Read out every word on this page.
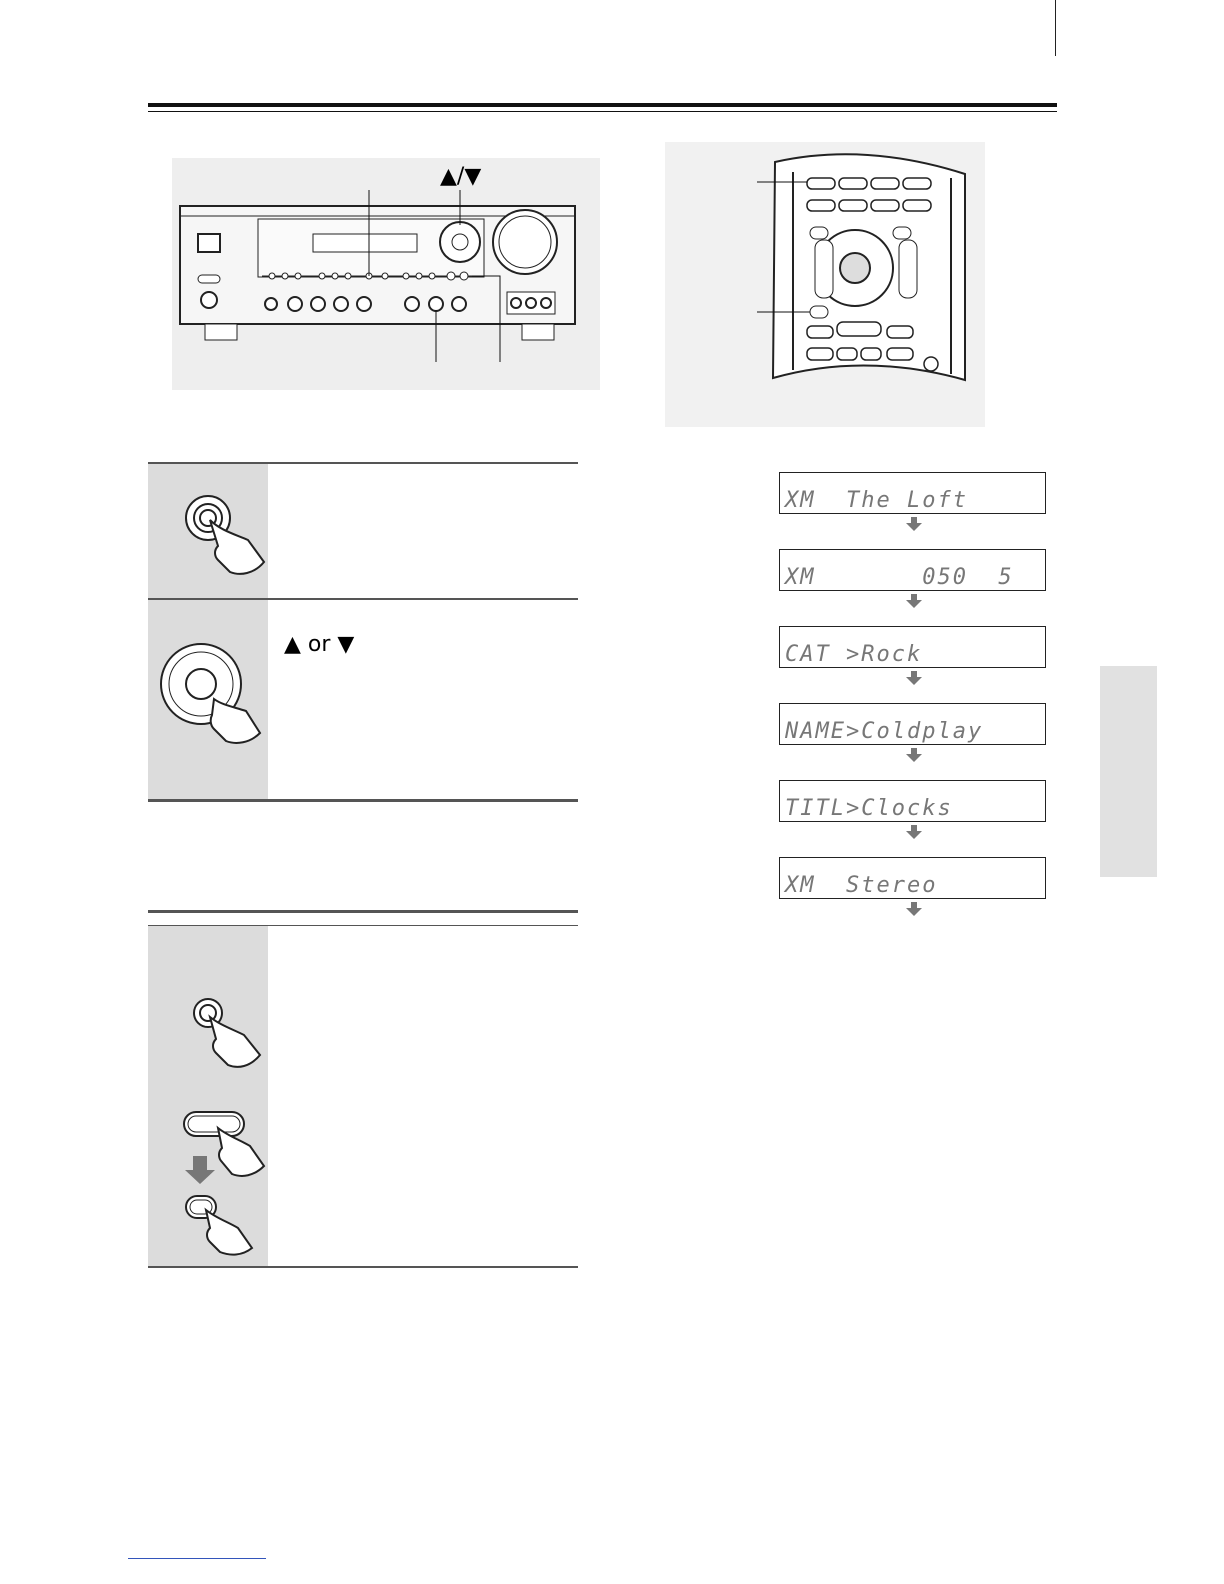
▲/▼
▲ or ▼
XM  The Loft
XM       050  5
CAT >Rock
NAME>Coldplay
TITL>Clocks
XM  Stereo
